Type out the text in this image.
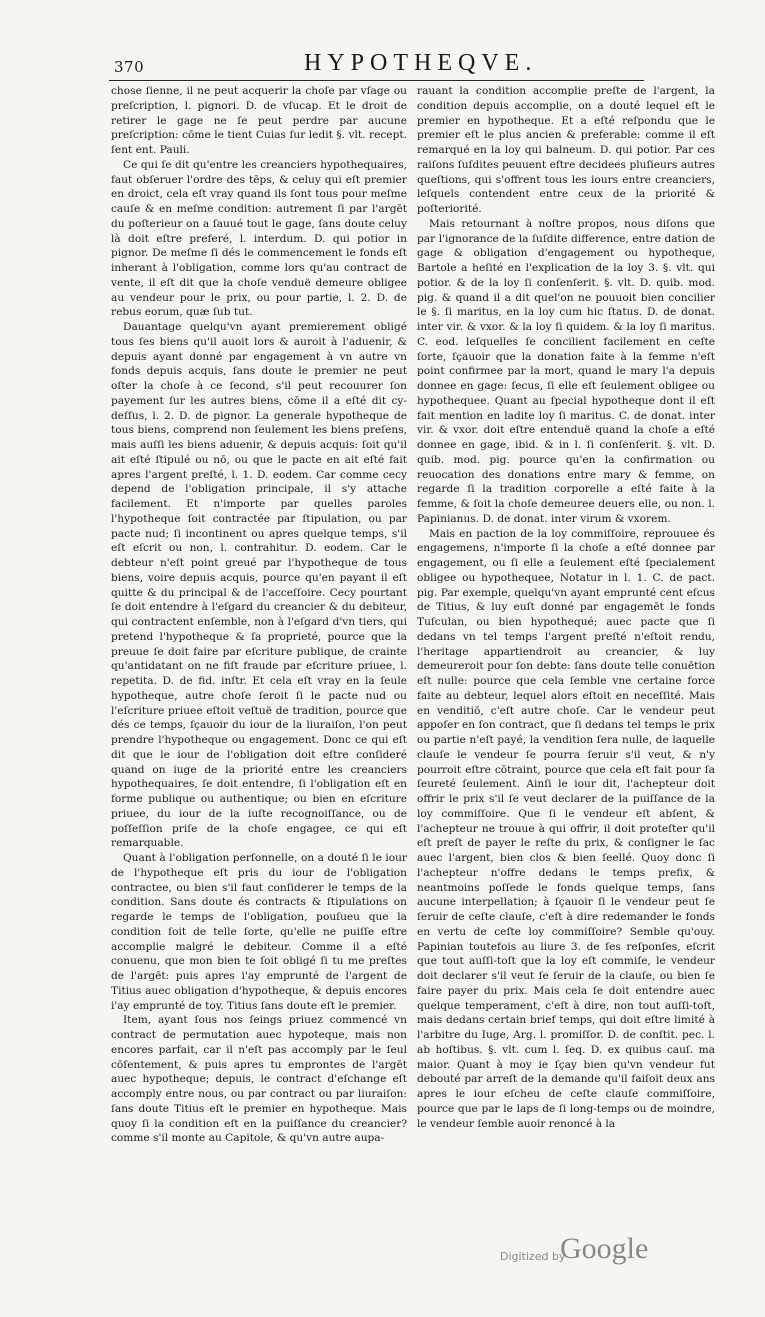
370	HYPOTHEQVE.

chose ſienne, il ne peut acquerir la choſe par vſage ou preſcription, l. pignori. D. de vſucap. Et le droit de retirer le gage ne ſe peut perdre par aucune preſcription: cōme le tient Cuias ſur ledit §. vlt. recept. ſent ent. Pauli.

Ce qui ſe dit qu'entre les creanciers hypothequaires, faut obſeruer l'ordre des tēps, & celuy qui eſt premier en droict, cela eſt vray quand ils ſont tous pour meſme cauſe & en meſme condition: autrement ſi par l'argēt du poſterieur on a ſauué tout le gage, ſans doute celuy là doit eſtre preferé, l. interdum. D. qui potior in pignor. De meſme ſi dés le commencement le fonds eſt inherant à l'obligation, comme lors qu'au contract de vente, il eſt dit que la choſe venduë demeure obligee au vendeur pour le prix, ou pour partie, l. 2. D. de rebus eorum, quæ ſub tut.

Dauantage quelqu'vn ayant premierement obligé tous ſes biens qu'il auoit lors & auroit à l'aduenir, & depuis ayant donné par engagement à vn autre vn fonds depuis acquis, ſans doute le premier ne peut oſter la choſe à ce ſecond, s'il peut recouurer ſon payement ſur les autres biens, cōme il a eſté dit cy-deſſus, l. 2. D. de pignor. La generale hypotheque de tous biens, comprend non ſeulement les biens preſens, mais auſſi les biens aduenir, & depuis acquis: ſoit qu'il ait eſté ſtipulé ou nō, ou que le pacte en ait eſté fait apres l'argent preſté, l. 1. D. eodem. Car comme cecy depend de l'obligation principale, il s'y attache facilement. Et n'importe par quelles paroles l'hypotheque ſoit contractée par ſtipulation, ou par pacte nud; ſi incontinent ou apres quelque temps, s'il eſt eſcrit ou non, l. contrahitur. D. eodem. Car le debteur n'eſt point greué par l'hypotheque de tous biens, voire depuis acquis, pource qu'en payant il eſt quitte & du principal & de l'acceſſoire. Cecy pourtant ſe doit entendre à l'eſgard du creancier & du debiteur, qui contractent enſemble, non à l'eſgard d'vn tiers, qui pretend l'hypotheque & ſa proprieté, pource que la preuue ſe doit faire par eſcriture publique, de crainte qu'antidatant on ne fiſt fraude par eſcriture priuee, l. repetita. D. de fid. inſtr. Et cela eſt vray en la ſeule hypotheque, autre choſe ſeroit ſi le pacte nud ou l'eſcriture priuee eſtoit veſtuë de tradition, pource que dés ce temps, ſçauoir du iour de la liuraiſon, l'on peut prendre l'hypotheque ou engagement. Donc ce qui eſt dit que le iour de l'obligation doit eſtre conſideré quand on iuge de la priorité entre les creanciers hypothequaires, ſe doit entendre, ſi l'obligation eſt en forme publique ou authentique; ou bien en eſcriture priuee, du iour de la iuſte recognoiſſance, ou de poſſeſſion priſe de la choſe engagee, ce qui eſt remarquable.

Quant à l'obligation perſonnelle, on a douté ſi le iour de l'hypotheque eſt pris du iour de l'obligation contractee, ou bien s'il faut conſiderer le temps de la condition. Sans doute és contracts & ſtipulations on regarde le temps de l'obligation, pouſueu que la condition ſoit de telle ſorte, qu'elle ne puiſſe eſtre accomplie malgré le debiteur. Comme il a eſté conuenu, que mon bien te ſoit obligé ſi tu me preſtes de l'argēt: puis apres i'ay emprunté de l'argent de Titius auec obligation d'hypotheque, & depuis encores i'ay emprunté de toy. Titius ſans doute eſt le premier.

Item, ayant ſous nos ſeings priuez commencé vn contract de permutation auec hypoteque, mais non encores parfait, car il n'eſt pas accomply par le ſeul cōſentement, & puis apres tu emprontes de l'argēt auec hypotheque; depuis, le contract d'eſchange eſt accomply entre nous, ou par contract ou par liuraiſon: ſans doute Titius eſt le premier en hypotheque. Mais quoy ſi la condition eſt en la puiſſance du creancier? comme s'il monte au Capitole, & qu'vn autre aupa-

rauant la condition accomplie preſte de l'argent, la condition depuis accomplie, on a douté lequel eſt le premier en hypotheque. Et a eſté reſpondu que le premier eſt le plus ancien & preferable: comme il eſt remarqué en la loy qui balneum. D. qui potior. Par ces raiſons ſuſdites peuuent eſtre decidees pluſieurs autres queſtions, qui s'offrent tous les iours entre creanciers, leſquels contendent entre ceux de la priorité & poſteriorité.

Mais retournant à noſtre propos, nous diſons que par l'ignorance de la ſuſdite difference, entre dation de gage & obligation d'engagement ou hypotheque, Bartole a heſité en l'explication de la loy 3. §. vlt. qui potior. & de la loy ſi conſenſerit. §. vlt. D. quib. mod. pig. & quand il a dit quel'on ne pouuoit bien concilier le §. ſi maritus, en la loy cum hic ſtatus. D. de donat. inter vir. & vxor. & la loy ſi quidem. & la loy ſi maritus. C. eod. leſquelles ſe concilient facilement en ceſte ſorte, ſçauoir que la donation faite à la femme n'eſt point confirmee par la mort, quand le mary l'a depuis donnee en gage: ſecus, ſi elle eſt ſeulement obligee ou hypothequee. Quant au ſpecial hypotheque dont il eſt fait mention en ladite loy ſi maritus. C. de donat. inter vir. & vxor. doit eſtre entenduë quand la choſe a eſté donnee en gage, ibid. & in l. ſi conſenſerit. §. vlt. D. quib. mod. pig. pource qu'en la confirmation ou reuocation des donations entre mary & femme, on regarde ſi la tradition corporelle a eſté faite à la femme, & ſoit la choſe demeuree deuers elle, ou non. l. Papinianus. D. de donat. inter virum & vxorem.

Mais en paction de la loy commiſſoire, reprouuee és engagemens, n'importe ſi la choſe a eſté donnee par engagement, ou ſi elle a ſeulement eſté ſpecialement obligee ou hypothequee, Notatur in l. 1. C. de pact. pig. Par exemple, quelqu'vn ayant emprunté cent eſcus de Titius, & luy euſt donné par engagemēt le fonds Tuſculan, ou bien hypothequé; auec pacte que ſi dedans vn tel temps l'argent preſté n'eſtoit rendu, l'heritage appartiendroit au creancier, & luy demeureroit pour ſon debte: ſans doute telle conuētion eſt nulle: pource que cela ſemble vne certaine force faite au debteur, lequel alors eſtoit en neceſſité. Mais en venditiō, c'eſt autre choſe. Car le vendeur peut appoſer en ſon contract, que ſi dedans tel temps le prix ou partie n'eſt payé, la vendition ſera nulle, de laquelle clauſe le vendeur ſe pourra ſeruir s'il veut, & n'y pourroit eſtre cōtraint, pource que cela eſt fait pour ſa ſeureté ſeulement. Ainſi le iour dit, l'achepteur doit offrir le prix s'il ſe veut declarer de la puiſſance de la loy commiſſoire. Que ſi le vendeur eſt abſent, & l'achepteur ne trouue à qui offrir, il doit proteſter qu'il eſt preſt de payer le reſte du prix, & conſigner le ſac auec l'argent, bien clos & bien ſeellé. Quoy donc ſi l'achepteur n'offre dedans le temps prefix, & neantmoins poſſede le fonds quelque temps, ſans aucune interpellation; à ſçauoir ſi le vendeur peut ſe ſeruir de ceſte clauſe, c'eſt à dire redemander le fonds en vertu de ceſte loy commiſſoire? Semble qu'ouy. Papinian toutefois au liure 3. de ſes reſponſes, eſcrit que tout auſſi-toſt que la loy eſt commiſe, le vendeur doit declarer s'il veut ſe ſeruir de la clauſe, ou bien ſe faire payer du prix. Mais cela ſe doit entendre auec quelque temperament, c'eſt à dire, non tout auſſi-toſt, mais dedans certain brief temps, qui doit eſtre limité à l'arbitre du Iuge, Arg. l. promiſſor. D. de conſtit. pec. l. ab hoſtibus. §. vlt. cum l. ſeq. D. ex quibus cauſ. ma maior. Quant à moy ie ſçay bien qu'vn vendeur fut debouté par arreſt de la demande qu'il faiſoit deux ans apres le iour eſcheu de ceſte clauſe commiſſoire, pource que par le laps de ſi long-temps ou de moindre, le vendeur ſemble auoir renoncé à la

Digitized by
Google
